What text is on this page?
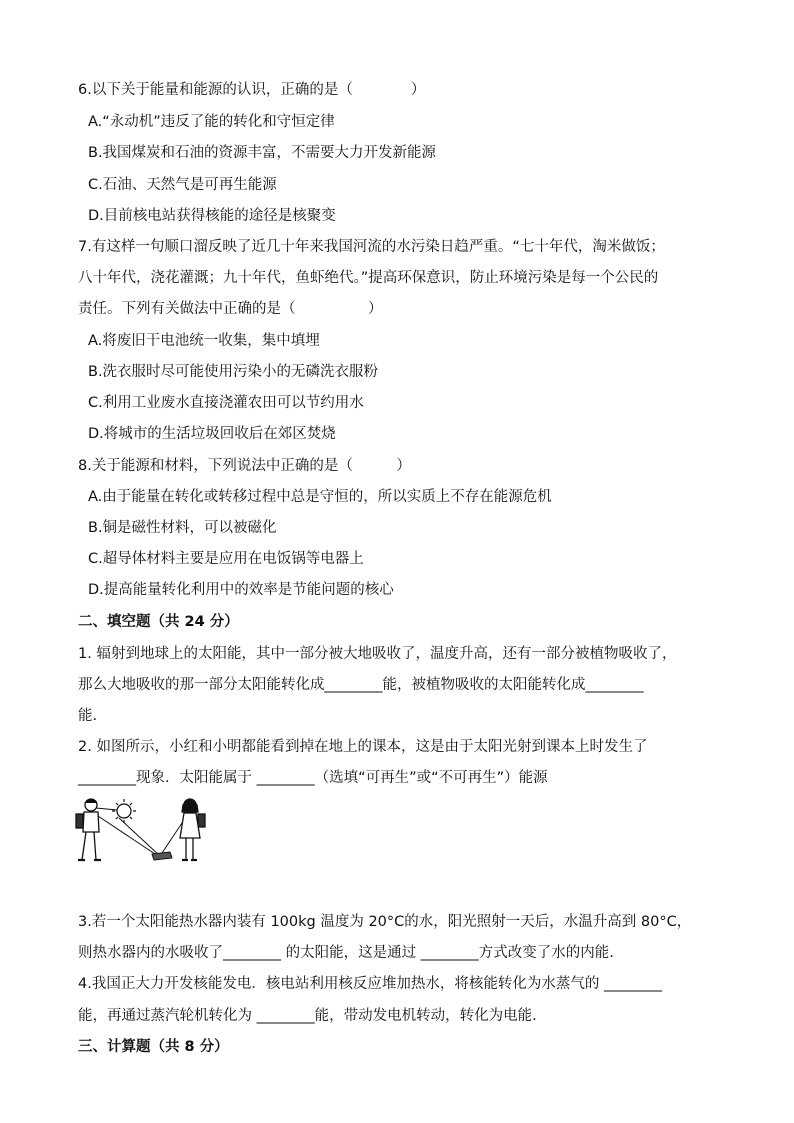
6.以下关于能量和能源的认识，正确的是（　　　　）
A.“永动机”违反了能的转化和守恒定律
B.我国煤炭和石油的资源丰富，不需要大力开发新能源
C.石油、天然气是可再生能源
D.目前核电站获得核能的途径是核聚变
7.有这样一句顺口溜反映了近几十年来我国河流的水污染日趋严重。“七十年代，淘米做饭；
八十年代，浇花灌溉；九十年代，鱼虾绝代。”提高环保意识，防止环境污染是每一个公民的
责任。下列有关做法中正确的是（　　　　　）
A.将废旧干电池统一收集，集中填埋
B.洗衣服时尽可能使用污染小的无磷洗衣服粉
C.利用工业废水直接浇灌农田可以节约用水
D.将城市的生活垃圾回收后在郊区焚烧
8.关于能源和材料，下列说法中正确的是（　　　）
A.由于能量在转化或转移过程中总是守恒的，所以实质上不存在能源危机
B.铜是磁性材料，可以被磁化
C.超导体材料主要是应用在电饭锅等电器上
D.提高能量转化利用中的效率是节能问题的核心
二、填空题（共 24 分）
1. 辐射到地球上的太阳能，其中一部分被大地吸收了，温度升高，还有一部分被植物吸收了，
那么大地吸收的那一部分太阳能转化成________能，被植物吸收的太阳能转化成________
能.
2. 如图所示，小红和小明都能看到掉在地上的课本，这是由于太阳光射到课本上时发生了
________现象．太阳能属于 ________（选填“可再生”或“不可再生”）能源
3.若一个太阳能热水器内装有 100kg 温度为 20°C的水，阳光照射一天后，水温升高到 80°C，
则热水器内的水吸收了________ 的太阳能，这是通过 ________方式改变了水的内能.
4.我国正大力开发核能发电．核电站利用核反应堆加热水，将核能转化为水蒸气的 ________
能，再通过蒸汽轮机转化为 ________能，带动发电机转动，转化为电能.
三、计算题（共 8 分）
